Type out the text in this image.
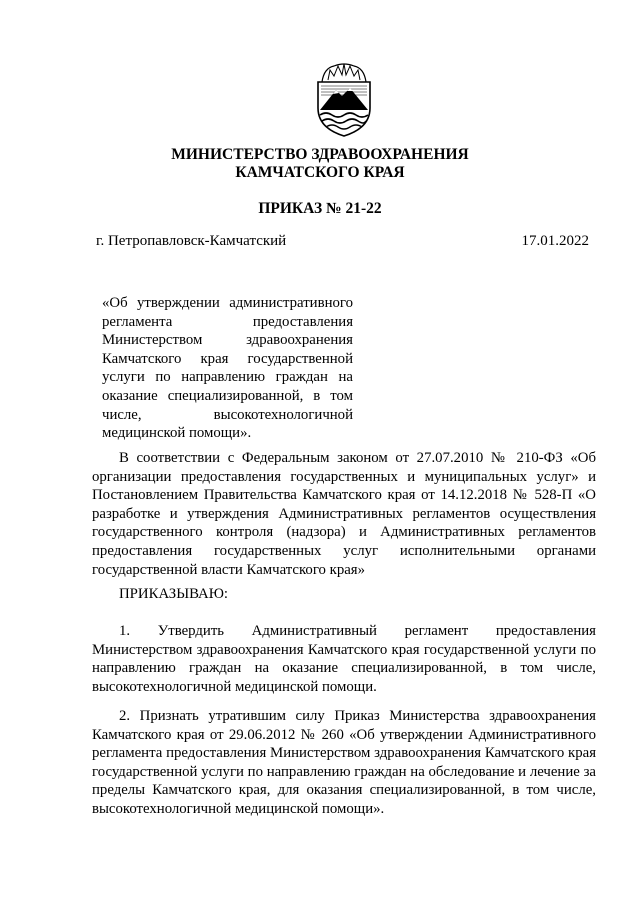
МИНИСТЕРСТВО ЗДРАВООХРАНЕНИЯ
КАМЧАТСКОГО КРАЯ
ПРИКАЗ № 21-22
г. Петропавловск-Камчатский	17.01.2022
«Об утверждении административного регламента предоставления Министерством здравоохранения Камчатского края государственной услуги по направлению граждан на оказание специализированной, в том числе, высокотехнологичной медицинской помощи».

В соответствии с Федеральным законом от 27.07.2010 № 210-ФЗ «Об организации предоставления государственных и муниципальных услуг» и Постановлением Правительства Камчатского края от 14.12.2018 № 528-П «О разработке и утверждения Административных регламентов осуществления государственного контроля (надзора) и Административных регламентов предоставления государственных услуг исполнительными органами государственной власти Камчатского края»

ПРИКАЗЫВАЮ:

1. Утвердить Административный регламент предоставления Министерством здравоохранения Камчатского края государственной услуги по направлению граждан на оказание специализированной, в том числе, высокотехнологичной медицинской помощи.

2. Признать утратившим силу Приказ Министерства здравоохранения Камчатского края от 29.06.2012 № 260 «Об утверждении Административного регламента предоставления Министерством здравоохранения Камчатского края государственной услуги по направлению граждан на обследование и лечение за пределы Камчатского края, для оказания специализированной, в том числе, высокотехнологичной медицинской помощи».
